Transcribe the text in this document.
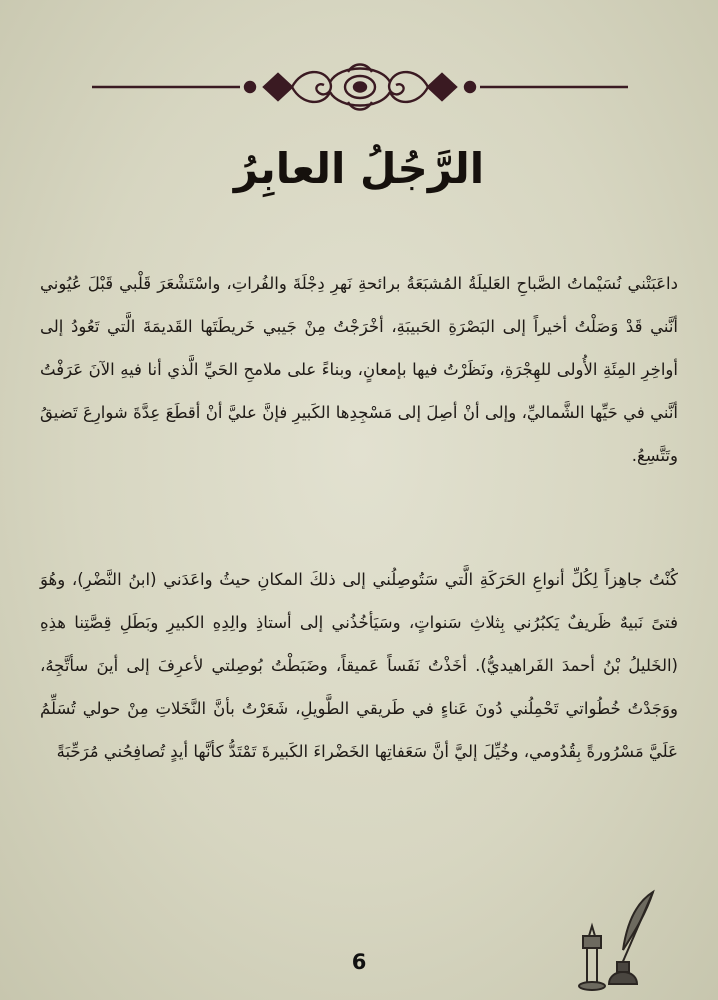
الرَّجُلُ العابِرُ
داعَبَتْني نُسَيْماتُ الصَّباحِ العَليلَةُ المُشبَعَةُ برائحةِ نَهرِ دِجْلَةَ والفُراتِ، واسْتَشْعَرَ قَلْبي قَبْلَ عُيُوني أنَّني قَدْ وَصَلْتُ أخيراً إلى البَصْرَةِ الحَبيبَةِ، أخْرَجْتُ مِنْ جَيبي خَريطَتَها القَديمَةَ الَّتي تَعُودُ إلى أواخِرِ المِئَةِ الأُولى للهِجْرَةِ، ونَظَرْتُ فيها بإمعانٍ، وبناءً على ملامحِ الحَيِّ الَّذي أنا فيهِ الآنَ عَرَفْتُ أنَّني في حَيِّها الشَّماليِّ، وإلى أنْ أصِلَ إلى مَسْجِدِها الكَبيرِ فإنَّ عليَّ أنْ أقطَعَ عِدَّةَ شوارِعَ تَضيقُ وتَتَّسِعُ.
كُنْتُ جاهِزاً لِكُلِّ أنواعِ الحَرَكَةِ الَّتي سَتُوصِلُني إلى ذلكَ المكانِ حيثُ واعَدَني (ابنُ النَّضْرِ)، وهُوَ فتىً نَبيهٌ ظَريفٌ يَكبُرُني بِثلاثِ سَنواتٍ، وسَيَأخُذُني إلى أستاذِ والِدِهِ الكبيرِ وبَطَلِ قِصَّتِنا هذِهِ (الخَليلُ بْنُ أحمدَ الفَراهيديُّ). أخَذْتُ نَفَساً عَميقاً، وضَبَطْتُ بُوصِلتي لأعرِفَ إلى أينَ سأتَّجِهُ، ووَجَدْتُ خُطُواتي تَحْمِلُني دُونَ عَناءٍ في طَريقي الطَّويلِ، شَعَرْتُ بأنَّ النَّخَلاتِ مِنْ حولي تُسَلِّمُ عَلَيَّ مَسْرُورةً بِقُدُومي، وخُيِّلَ إليَّ أنَّ سَعَفاتِها الخَضْراءَ الكَبيرةَ تَمْتَدُّ كأنَّها أيدٍ تُصافِحُني مُرَحِّبَةً
6
